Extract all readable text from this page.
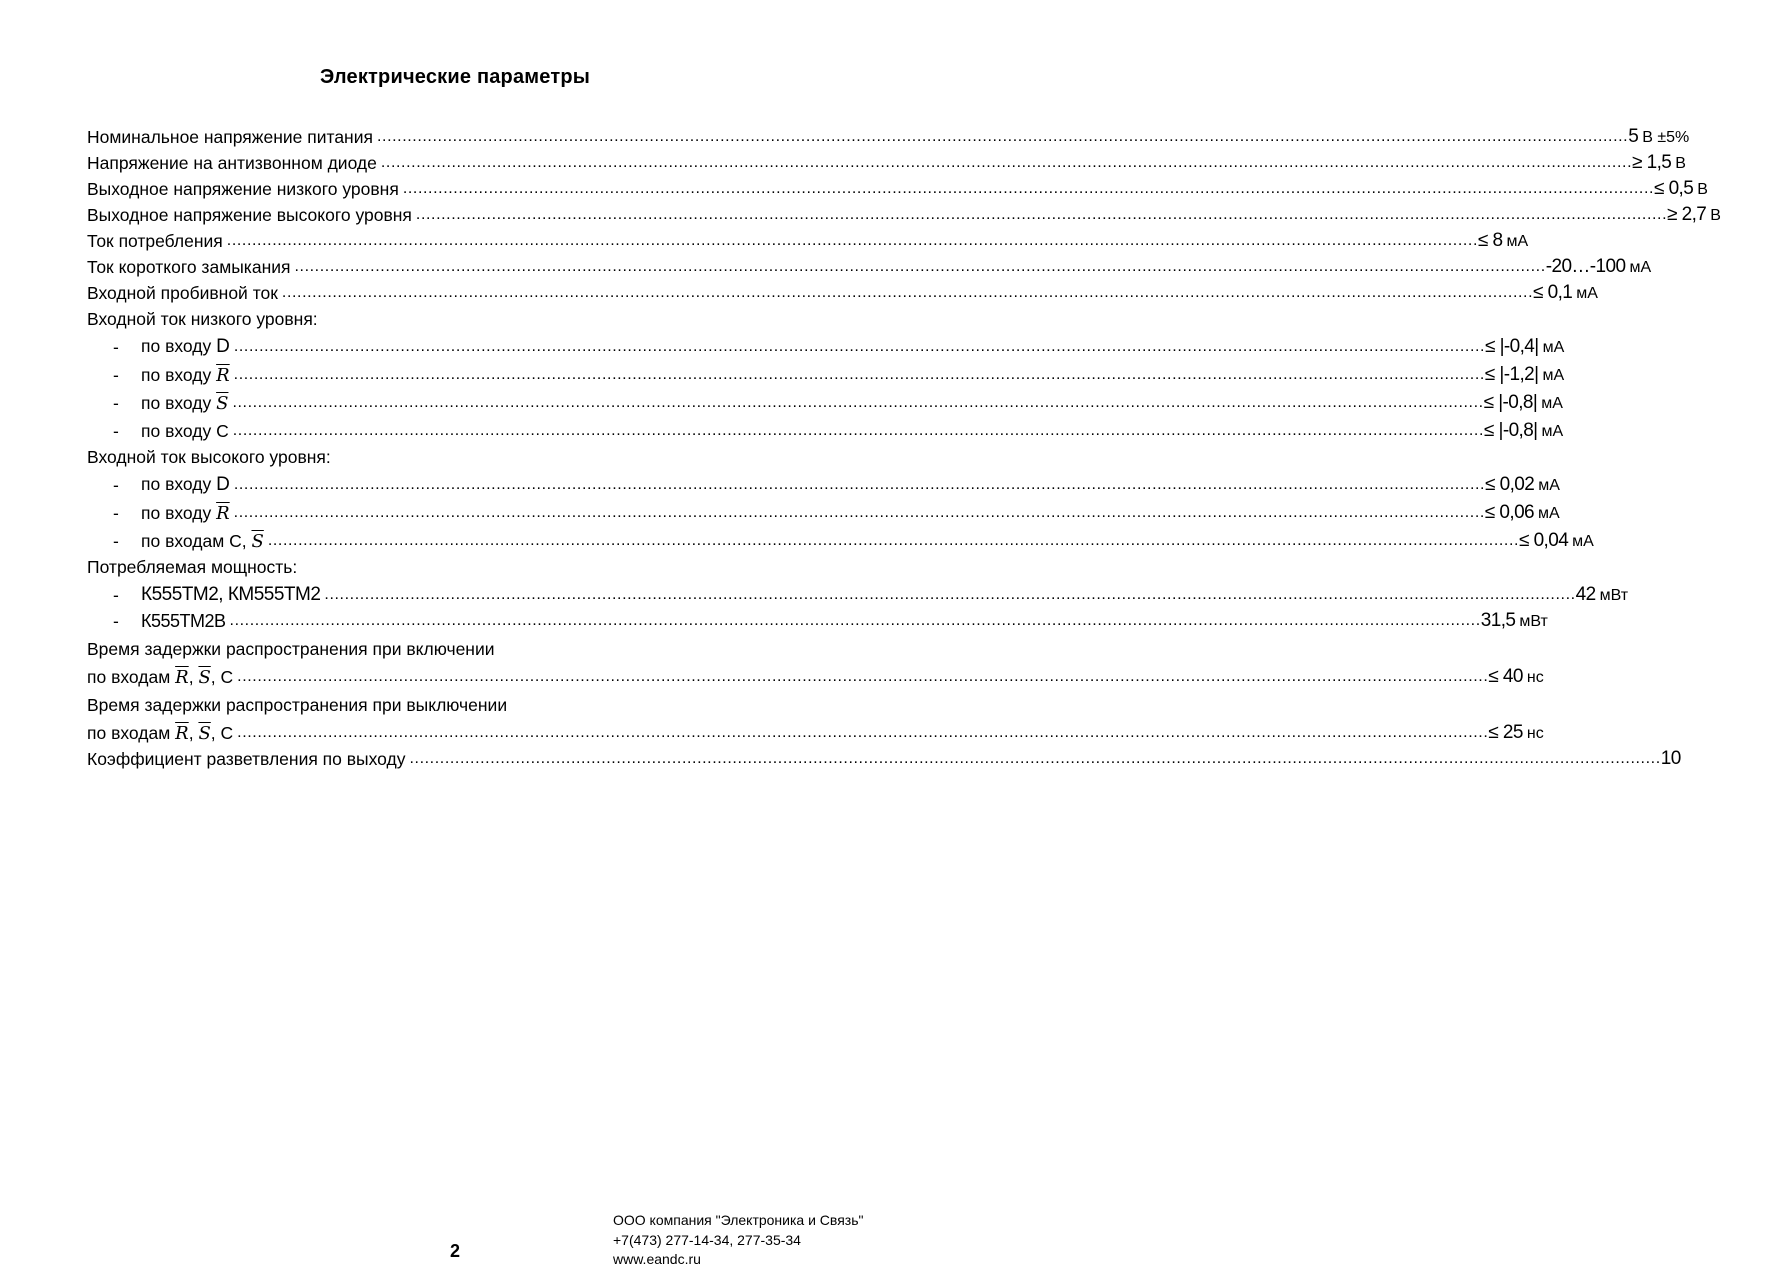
Электрические параметры
Номинальное напряжение питания ........................................................................................................................................................................................................................................................ 5 В ±5%
Напряжение на антизвонном диоде ........................................................................................................................................................................................................................................................ ≥ 1,5 В
Выходное напряжение низкого уровня ........................................................................................................................................................................................................................................................ ≤ 0,5 В
Выходное напряжение высокого уровня ........................................................................................................................................................................................................................................................ ≥ 2,7 В
Ток потребления ........................................................................................................................................................................................................................................................ ≤ 8 мА
Ток короткого замыкания ........................................................................................................................................................................................................................................................ -20…-100 мА
Входной пробивной ток ........................................................................................................................................................................................................................................................ ≤ 0,1 мА
Входной ток низкого уровня:
-	по входу D ........................................................................................................................................................................................................................................................ ≤ |-0,4| мА
-	по входу $\overline{R}$ ........................................................................................................................................................................................................................................................ ≤ |-1,2| мА
-	по входу $\overline{S}$ ........................................................................................................................................................................................................................................................ ≤ |-0,8| мА
-	по входу С ........................................................................................................................................................................................................................................................ ≤ |-0,8| мА
Входной ток высокого уровня:
-	по входу D ........................................................................................................................................................................................................................................................ ≤ 0,02 мА
-	по входу $\overline{R}$ ........................................................................................................................................................................................................................................................ ≤ 0,06 мА
-	по входам С, $\overline{S}$ ........................................................................................................................................................................................................................................................ ≤ 0,04 мА
Потребляемая мощность:
-	К555ТМ2, КМ555ТМ2 ........................................................................................................................................................................................................................................................ 42 мВт
-	К555ТМ2В ........................................................................................................................................................................................................................................................ 31,5 мВт
Время задержки распространения при включении
по входам $\overline{R}$, $\overline{S}$, С ........................................................................................................................................................................................................................................................ ≤ 40 нс
Время задержки распространения при выключении
по входам $\overline{R}$, $\overline{S}$, С ........................................................................................................................................................................................................................................................ ≤ 25 нс
Коэффициент разветвления по выходу ........................................................................................................................................................................................................................................................ 10
2
ООО компания "Электроника и Связь"
+7(473) 277-14-34, 277-35-34
www.eandc.ru
